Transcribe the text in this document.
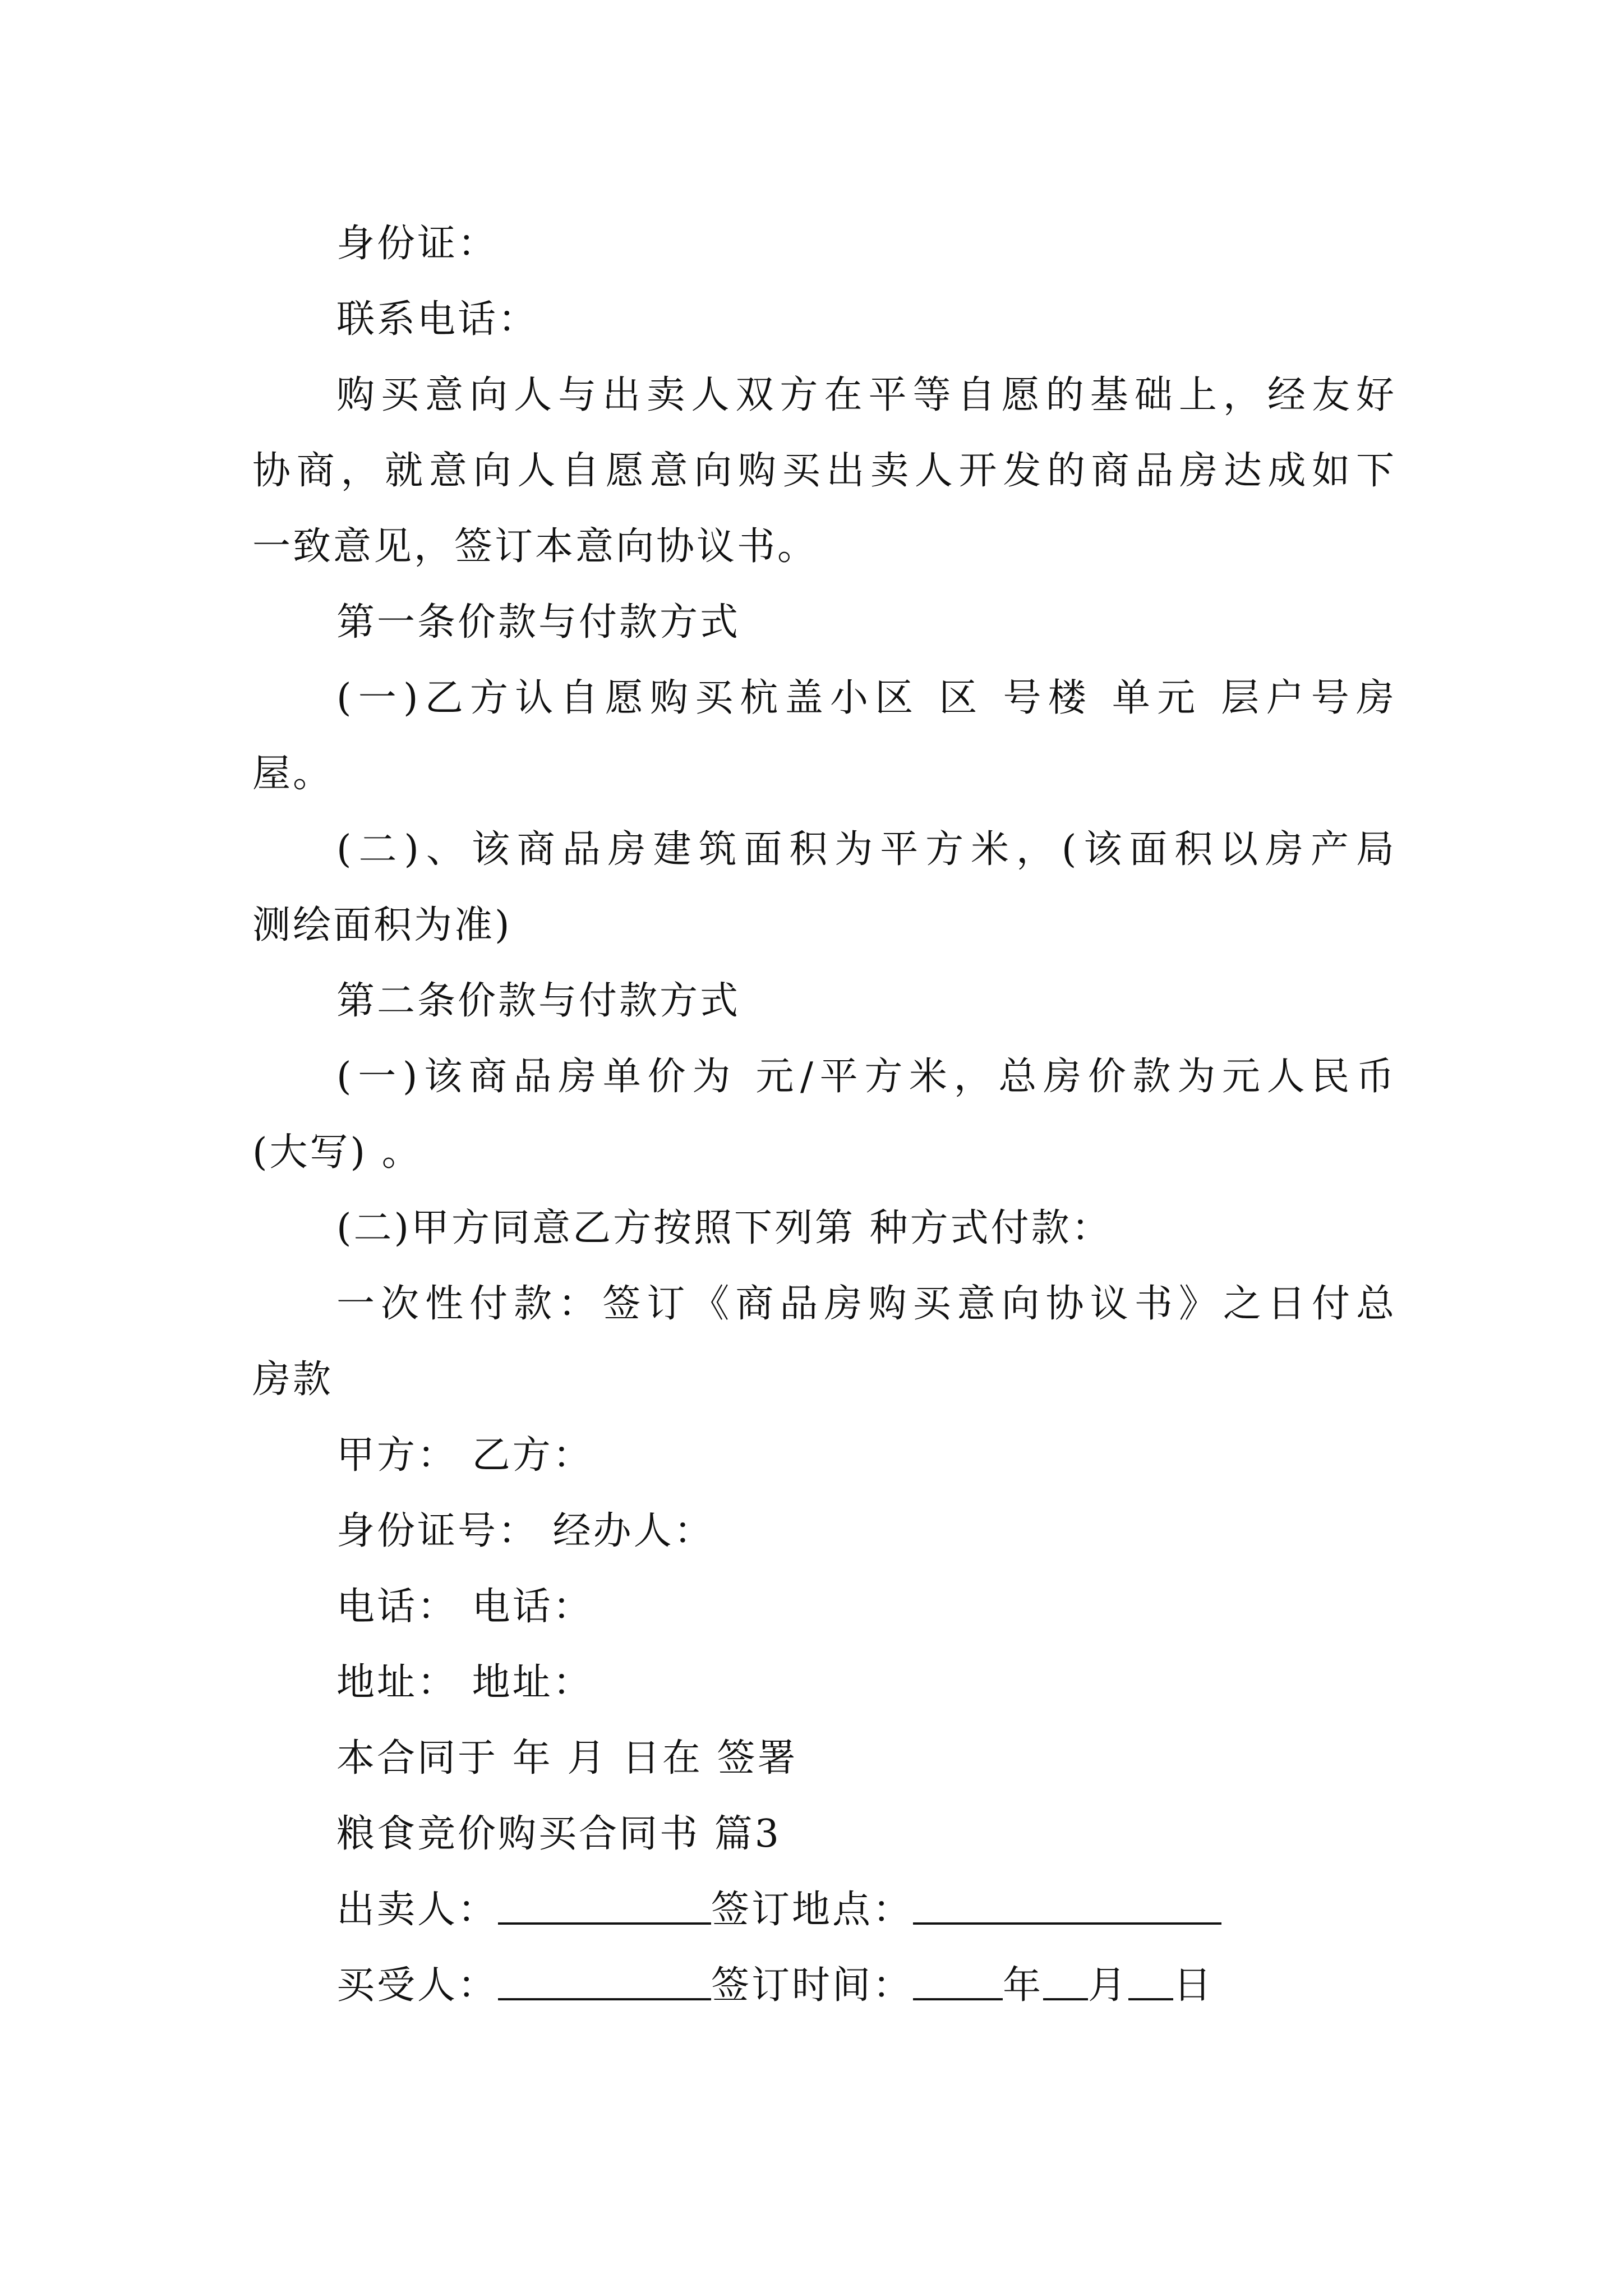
身份证：
联系电话：
购买意向人与出卖人双方在平等自愿的基础上，经友好
协商，就意向人自愿意向购买出卖人开发的商品房达成如下
一致意见，签订本意向协议书。
第一条价款与付款方式
(一)乙方认自愿购买杭盖小区 区 号楼 单元 层户号房
屋。
(二)、该商品房建筑面积为平方米，(该面积以房产局
测绘面积为准)
第二条价款与付款方式
(一)该商品房单价为 元/平方米，总房价款为元人民币
(大写) 。
(二)甲方同意乙方按照下列第 种方式付款：
一次性付款：签订《商品房购买意向协议书》之日付总
房款
甲方： 乙方：
身份证号： 经办人：
电话： 电话：
地址： 地址：
本合同于 年 月 日在 签署
粮食竞价购买合同书 篇3
出卖人：	签订地点：
买受人：	签订时间： 年 月 日
